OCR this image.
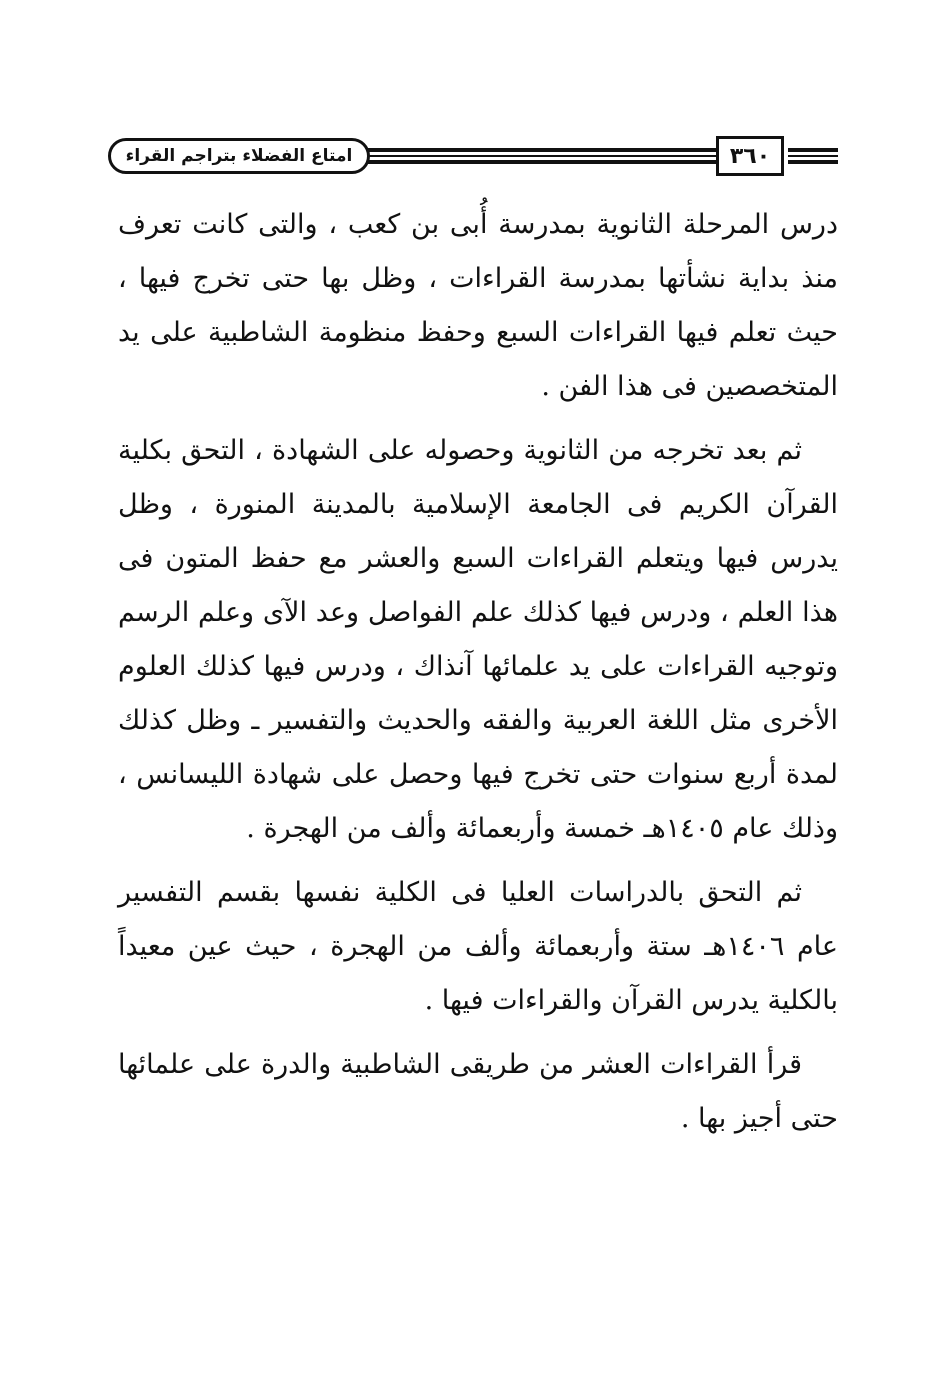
امتاع الفضلاء بتراجم القراء	٣٦٠

درس المرحلة الثانوية بمدرسة أُبى بن كعب ، والتى كانت تعرف منذ بداية نشأتها بمدرسة القراءات ، وظل بها حتى تخرج فيها ، حيث تعلم فيها القراءات السبع وحفظ منظومة الشاطبية على يد المتخصصين فى هذا الفن .

ثم بعد تخرجه من الثانوية وحصوله على الشهادة ، التحق بكلية القرآن الكريم فى الجامعة الإسلامية بالمدينة المنورة ، وظل يدرس فيها ويتعلم القراءات السبع والعشر مع حفظ المتون فى هذا العلم ، ودرس فيها كذلك علم الفواصل وعد الآى وعلم الرسم وتوجيه القراءات على يد علمائها آنذاك ، ودرس فيها كذلك العلوم الأخرى مثل اللغة العربية والفقه والحديث والتفسير ـ وظل كذلك لمدة أربع سنوات حتى تخرج فيها وحصل على شهادة الليسانس ، وذلك عام ١٤٠٥هـ خمسة وأربعمائة وألف من الهجرة .

ثم التحق بالدراسات العليا فى الكلية نفسها بقسم التفسير عام ١٤٠٦هـ ستة وأربعمائة وألف من الهجرة ، حيث عين معيداً بالكلية يدرس القرآن والقراءات فيها .

قرأ القراءات العشر من طريقى الشاطبية والدرة على علمائها حتى أجيز بها .
